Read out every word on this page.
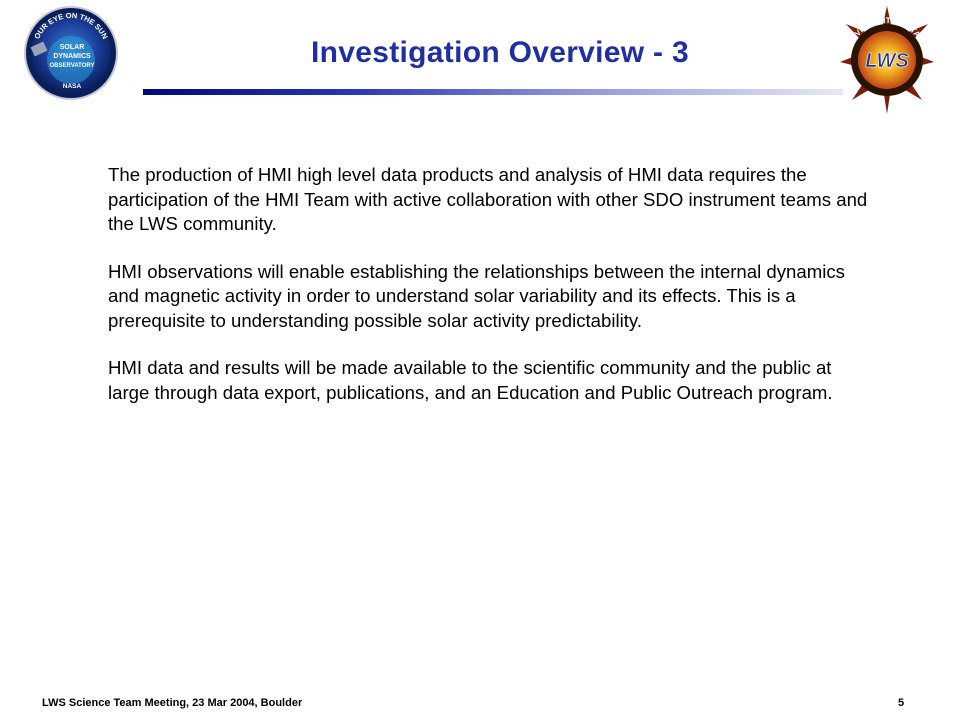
OUR EYE ON THE SUN
SOLAR
DYNAMICS
OBSERVATORY
NASA
LIVING WITH A STAR
LWS
Investigation Overview - 3

The production of HMI high level data products and analysis of HMI data requires the participation of the HMI Team with active collaboration with other SDO instrument teams and the LWS community.

HMI observations will enable establishing the relationships between the internal dynamics and magnetic activity in order to understand solar variability and its effects. This is a prerequisite to understanding possible solar activity predictability.

HMI data and results will be made available to the scientific community and the public at large through data export, publications, and an Education and Public Outreach program.

LWS Science Team Meeting, 23 Mar 2004, Boulder	5
